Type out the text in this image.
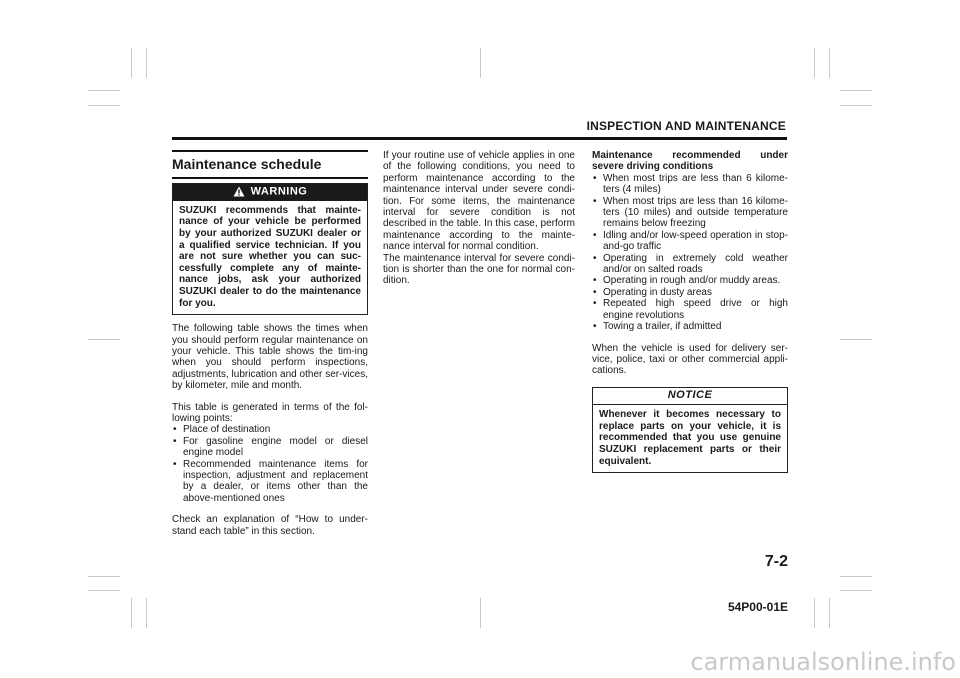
INSPECTION AND MAINTENANCE
Maintenance schedule
WARNING
SUZUKI recommends that mainte-nance of your vehicle be performed by your authorized SUZUKI dealer or a qualified service technician. If you are not sure whether you can suc-cessfully complete any of mainte-nance jobs, ask your authorized SUZUKI dealer to do the maintenance for you.

The following table shows the times when you should perform regular maintenance on your vehicle. This table shows the tim-ing when you should perform inspections, adjustments, lubrication and other ser-vices, by kilometer, mile and month.

This table is generated in terms of the fol-lowing points:

• Place of destination
• For gasoline engine model or diesel engine model
• Recommended maintenance items for inspection, adjustment and replacement by a dealer, or items other than the above-mentioned ones

Check an explanation of “How to under-stand each table” in this section.

If your routine use of vehicle applies in one of the following conditions, you need to perform maintenance according to the maintenance interval under severe condi-tion. For some items, the maintenance interval for severe condition is not described in the table. In this case, perform maintenance according to the mainte-nance interval for normal condition.

The maintenance interval for severe condi-tion is shorter than the one for normal con-dition.

Maintenance recommended under severe driving conditions

• When most trips are less than 6 kilome-ters (4 miles)
• When most trips are less than 16 kilome-ters (10 miles) and outside temperature remains below freezing
• Idling and/or low-speed operation in stop-and-go traffic
• Operating in extremely cold weather and/or on salted roads
• Operating in rough and/or muddy areas.
• Operating in dusty areas
• Repeated high speed drive or high engine revolutions
• Towing a trailer, if admitted

When the vehicle is used for delivery ser-vice, police, taxi or other commercial appli-cations.

NOTICE
Whenever it becomes necessary to replace parts on your vehicle, it is recommended that you use genuine SUZUKI replacement parts or their equivalent.
7-2
54P00-01E
carmanualsonline.info
